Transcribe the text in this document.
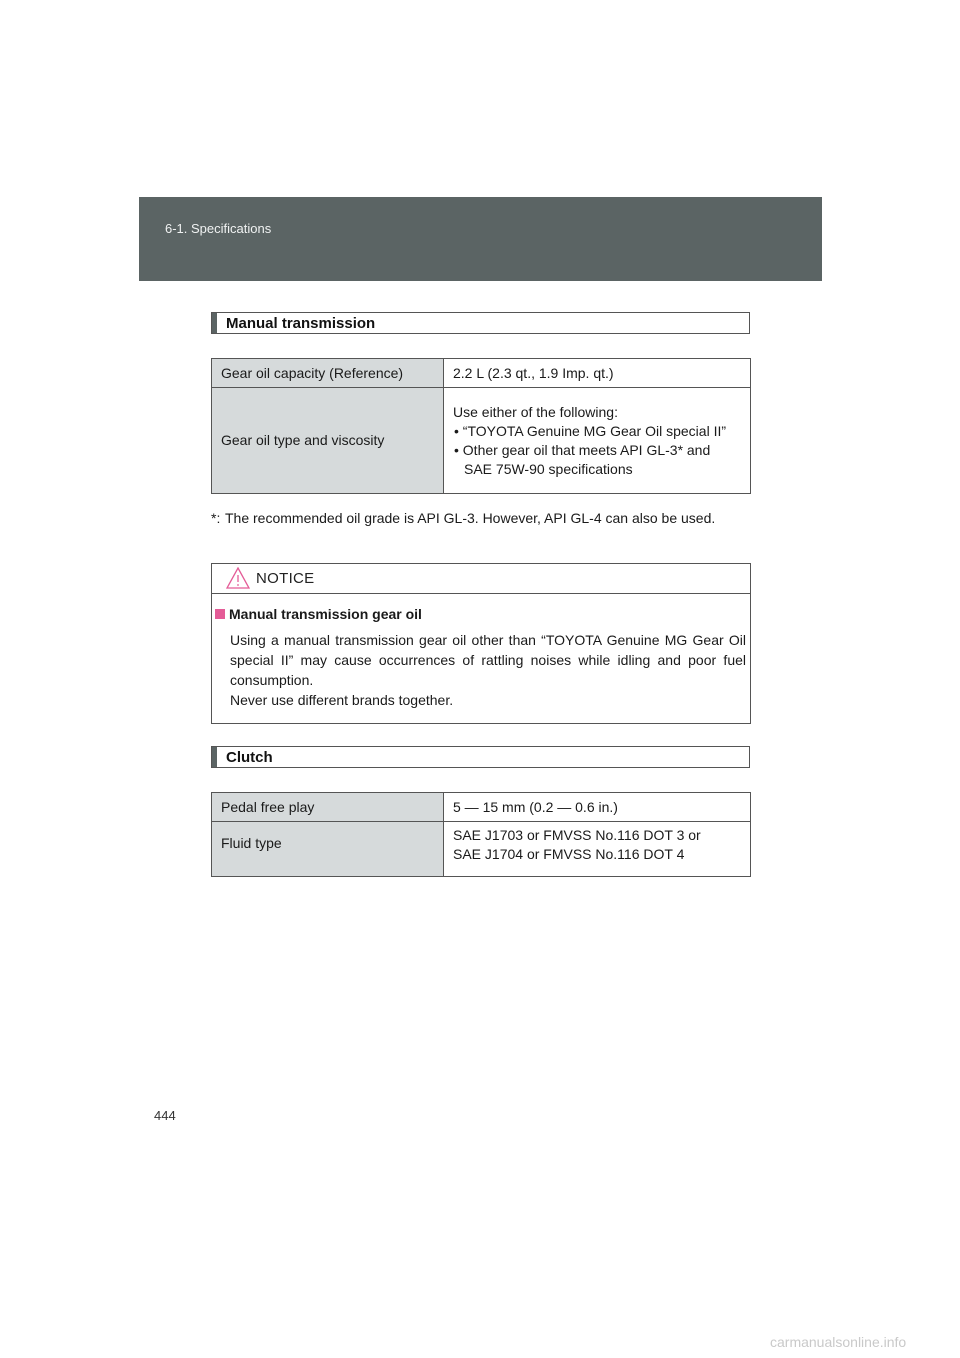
6-1. Specifications
Manual transmission
Gear oil capacity (Reference)	2.2 L (2.3 qt., 1.9 Imp. qt.)
Gear oil type and viscosity	Use either of the following:
• “TOYOTA Genuine MG Gear Oil special II”
• Other gear oil that meets API GL-3* and SAE 75W-90 specifications
*: The recommended oil grade is API GL-3. However, API GL-4 can also be used.
NOTICE
Manual transmission gear oil
Using a manual transmission gear oil other than “TOYOTA Genuine MG Gear Oil special II” may cause occurrences of rattling noises while idling and poor fuel consumption.
Never use different brands together.
Clutch
Pedal free play	5 — 15 mm (0.2 — 0.6 in.)
Fluid type	SAE J1703 or FMVSS No.116 DOT 3 or
SAE J1704 or FMVSS No.116 DOT 4
444
carmanualsonline.info
